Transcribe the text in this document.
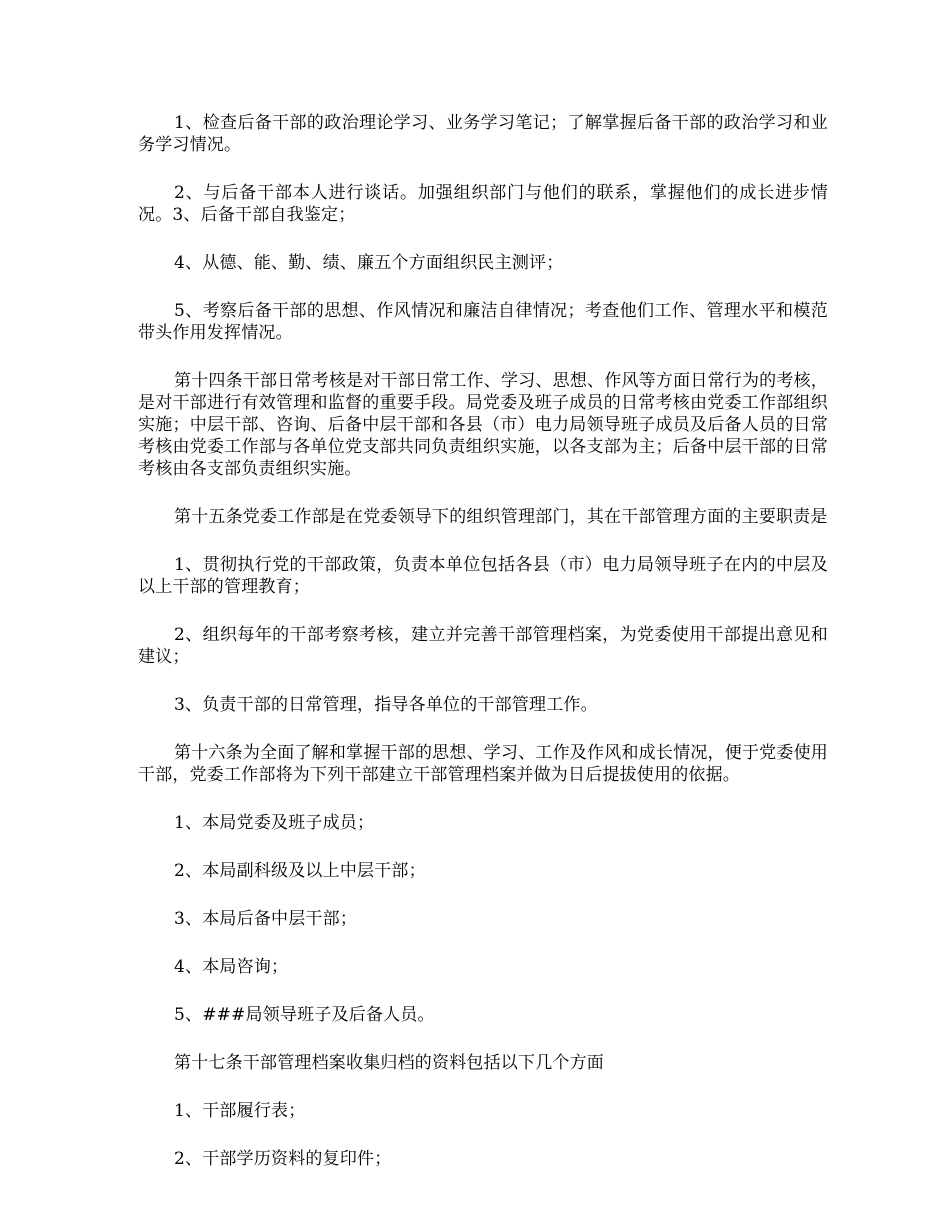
1、检查后备干部的政治理论学习、业务学习笔记；了解掌握后备干部的政治学习和业务学习情况。

2、与后备干部本人进行谈话。加强组织部门与他们的联系，掌握他们的成长进步情况。3、后备干部自我鉴定；

4、从德、能、勤、绩、廉五个方面组织民主测评；

5、考察后备干部的思想、作风情况和廉洁自律情况；考查他们工作、管理水平和模范带头作用发挥情况。

第十四条干部日常考核是对干部日常工作、学习、思想、作风等方面日常行为的考核，是对干部进行有效管理和监督的重要手段。局党委及班子成员的日常考核由党委工作部组织实施；中层干部、咨询、后备中层干部和各县（市）电力局领导班子成员及后备人员的日常考核由党委工作部与各单位党支部共同负责组织实施，以各支部为主；后备中层干部的日常考核由各支部负责组织实施。

第十五条党委工作部是在党委领导下的组织管理部门，其在干部管理方面的主要职责是

1、贯彻执行党的干部政策，负责本单位包括各县（市）电力局领导班子在内的中层及以上干部的管理教育；

2、组织每年的干部考察考核，建立并完善干部管理档案，为党委使用干部提出意见和建议；

3、负责干部的日常管理，指导各单位的干部管理工作。

第十六条为全面了解和掌握干部的思想、学习、工作及作风和成长情况，便于党委使用干部，党委工作部将为下列干部建立干部管理档案并做为日后提拔使用的依据。

1、本局党委及班子成员；

2、本局副科级及以上中层干部；

3、本局后备中层干部；

4、本局咨询；

5、###局领导班子及后备人员。

第十七条干部管理档案收集归档的资料包括以下几个方面

1、干部履行表；

2、干部学历资料的复印件；
